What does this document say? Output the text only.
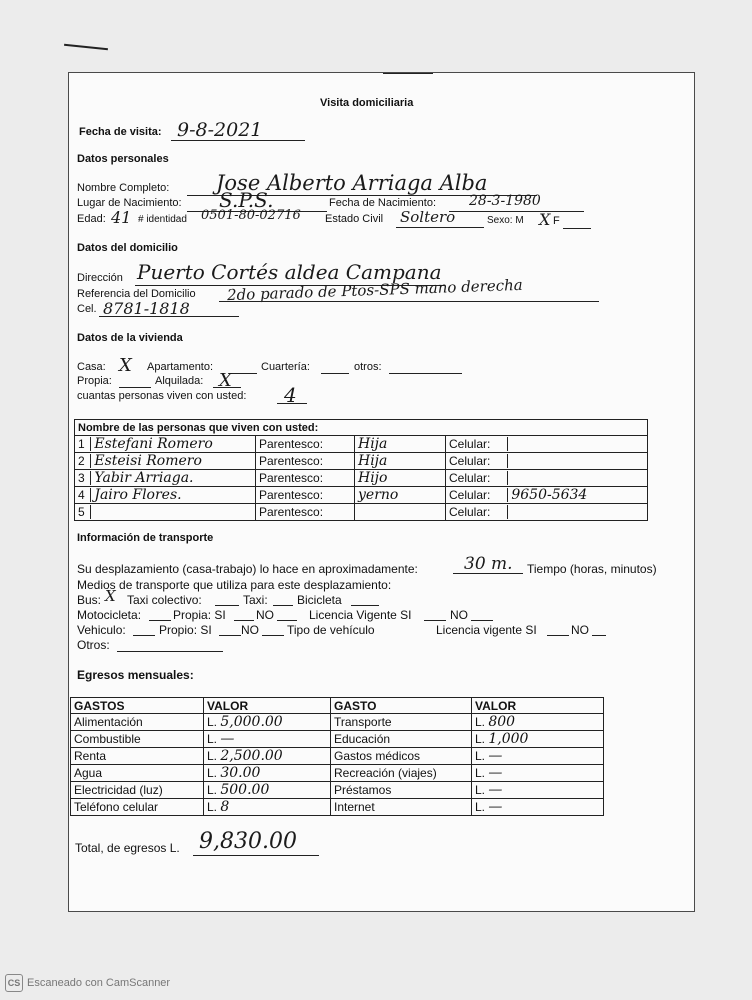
Visita domiciliaria
Fecha de visita: 9-8-2021
Datos personales
Nombre Completo: Jose Alberto Arriaga Alba
Lugar de Nacimiento: S.P.S.	Fecha de Nacimiento: 28-3-1980
Edad: 41 # identidad 0501-80-02716 Estado Civil Soltero	Sexo: M X F
Datos del domicilio
Dirección Puerto Cortés aldea Campana
Referencia del Domicilio 2do parado de Ptos-SPS mano derecha
Cel. 8781-1818
Datos de la vivienda
Casa: X Apartamento:	Cuartería:	otros:
Propia:	Alquilada: X
cuantas personas viven con usted: 4
Nombre de las personas que viven con usted:			
1 Estefani Romero	Parentesco:	Hija	Celular:
2 Esteisi Romero	Parentesco:	Hija	Celular:
3 Yabir Arriaga.	Parentesco:	Hijo	Celular:
4 Jairo Flores.	Parentesco:	yerno	Celular: 9650-5634
5	Parentesco:		Celular:
Información de transporte
Su desplazamiento (casa-trabajo) lo hace en aproximadamente:	30 m. Tiempo (horas, minutos)
Medios de transporte que utiliza para este desplazamiento:
Bus: X Taxi colectivo:	Taxi: Bicicleta
Motocicleta:	Propia: SI	NO	Licencia Vigente SI	NO
Vehiculo:	Propio: SI NO Tipo de vehículo	Licencia vigente SI	NO
Otros:
Egresos mensuales:
GASTOS	VALOR	GASTO	VALOR
Alimentación	L. 5,000.00	Transporte	L. 800
Combustible	L. —	Educación	L. 1,000
Renta	L. 2,500.00	Gastos médicos	L. —
Agua	L. 30.00	Recreación (viajes)	L. —
Electricidad (luz)	L. 500.00	Préstamos	L. —
Teléfono celular	L. 8	Internet	L. —
Total, de egresos L. 9,830.00
CS Escaneado con CamScanner
